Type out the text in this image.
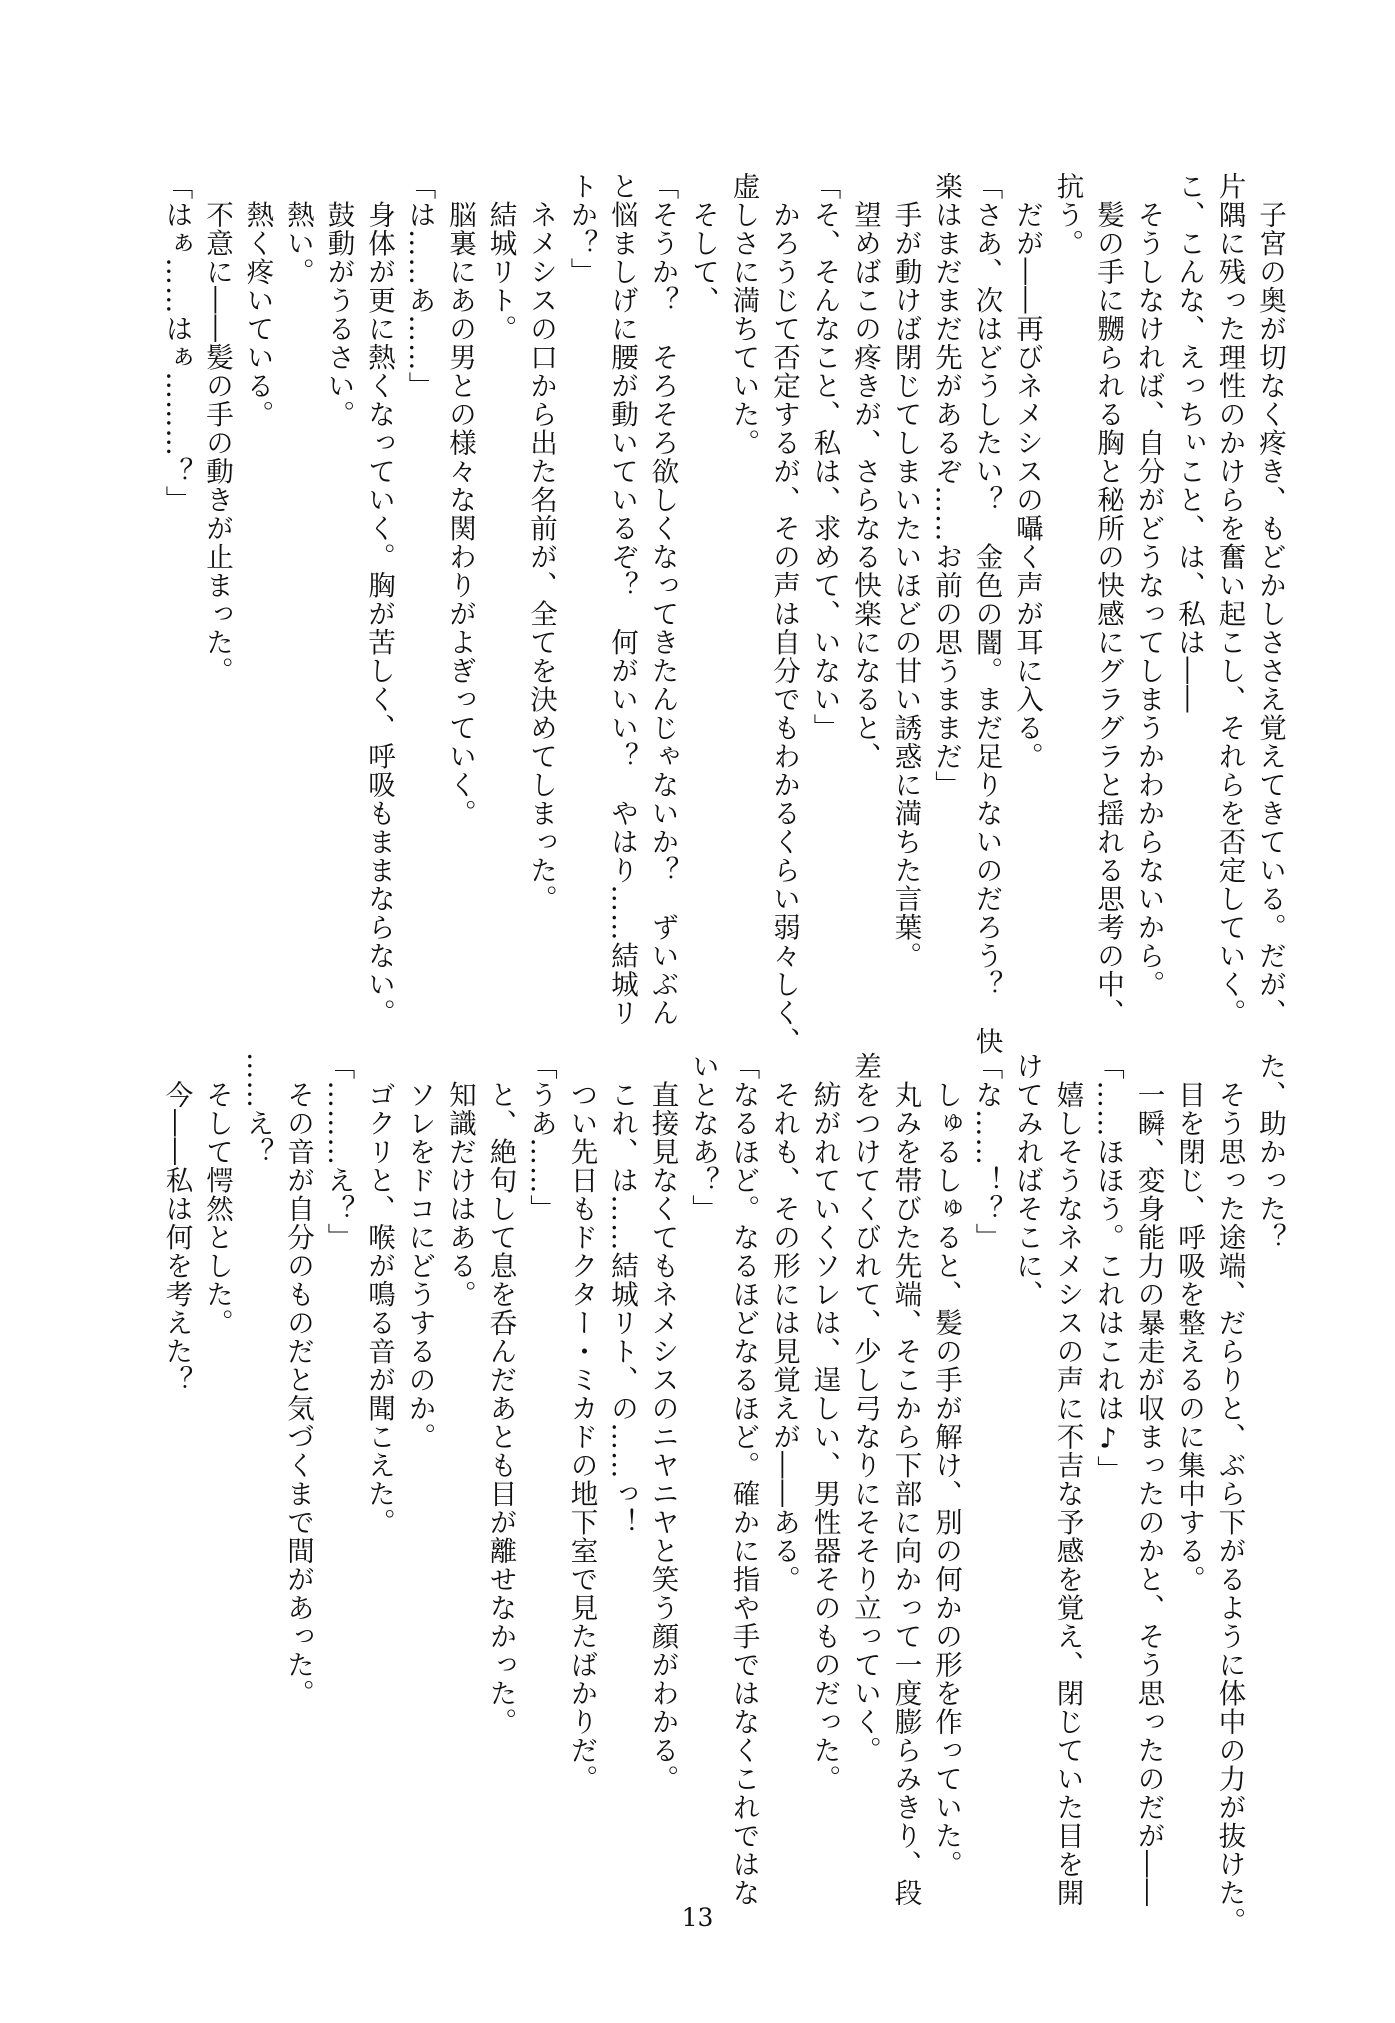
　子宮の奥が切なく疼き、もどかしささえ覚えてきている。だが、
片隅に残った理性のかけらを奮い起こし、それらを否定していく。
こ、こんな、えっちぃこと、は、私は――
　そうしなければ、自分がどうなってしまうかわからないから。
　髪の手に嬲られる胸と秘所の快感にグラグラと揺れる思考の中、
抗う。
　だが――再びネメシスの囁く声が耳に入る。
「さあ、次はどうしたい？　金色の闇。まだ足りないのだろう？　快
楽はまだまだ先があるぞ……お前の思うままだ」
　手が動けば閉じてしまいたいほどの甘い誘惑に満ちた言葉。
　望めばこの疼きが、さらなる快楽になると、
「そ、そんなこと、私は、求めて、いない」
　かろうじて否定するが、その声は自分でもわかるくらい弱々しく、
虚しさに満ちていた。
　そして、
「そうか？　そろそろ欲しくなってきたんじゃないか？　ずいぶん
と悩ましげに腰が動いているぞ？　何がいい？　やはり……結城リ
トか？」
　ネメシスの口から出た名前が、全てを決めてしまった。
　結城リト。
　脳裏にあの男との様々な関わりがよぎっていく。
「は……あ……」
　身体が更に熱くなっていく。胸が苦しく、呼吸もままならない。
　鼓動がうるさい。
　熱い。
　熱く疼いている。
　不意に――髪の手の動きが止まった。
「はぁ……はぁ………？」
た、助かった？
　そう思った途端、だらりと、ぶら下がるように体中の力が抜けた。
　目を閉じ、呼吸を整えるのに集中する。
　一瞬、変身能力の暴走が収まったのかと、そう思ったのだが――
「……ほほう。これはこれは♪」
　嬉しそうなネメシスの声に不吉な予感を覚え、閉じていた目を開
けてみればそこに、
「な……！？」
　しゅるしゅると、髪の手が解け、別の何かの形を作っていた。
　丸みを帯びた先端、そこから下部に向かって一度膨らみきり、段
差をつけてくびれて、少し弓なりにそそり立っていく。
　紡がれていくソレは、逞しい、男性器そのものだった。
　それも、その形には見覚えが――ある。
「なるほど。なるほどなるほど。確かに指や手ではなくこれではな
いとなあ？」
　直接見なくてもネメシスのニヤニヤと笑う顔がわかる。
　これ、は……結城リト、の……っ！
　つい先日もドクター・ミカドの地下室で見たばかりだ。
「うあ……」
　と、絶句して息を呑んだあとも目が離せなかった。
　知識だけはある。
　ソレをドコにどうするのか。
　ゴクリと、喉が鳴る音が聞こえた。
「………え？」
　その音が自分のものだと気づくまで間があった。
……え？
　そして愕然とした。
　今――私は何を考えた？
13
